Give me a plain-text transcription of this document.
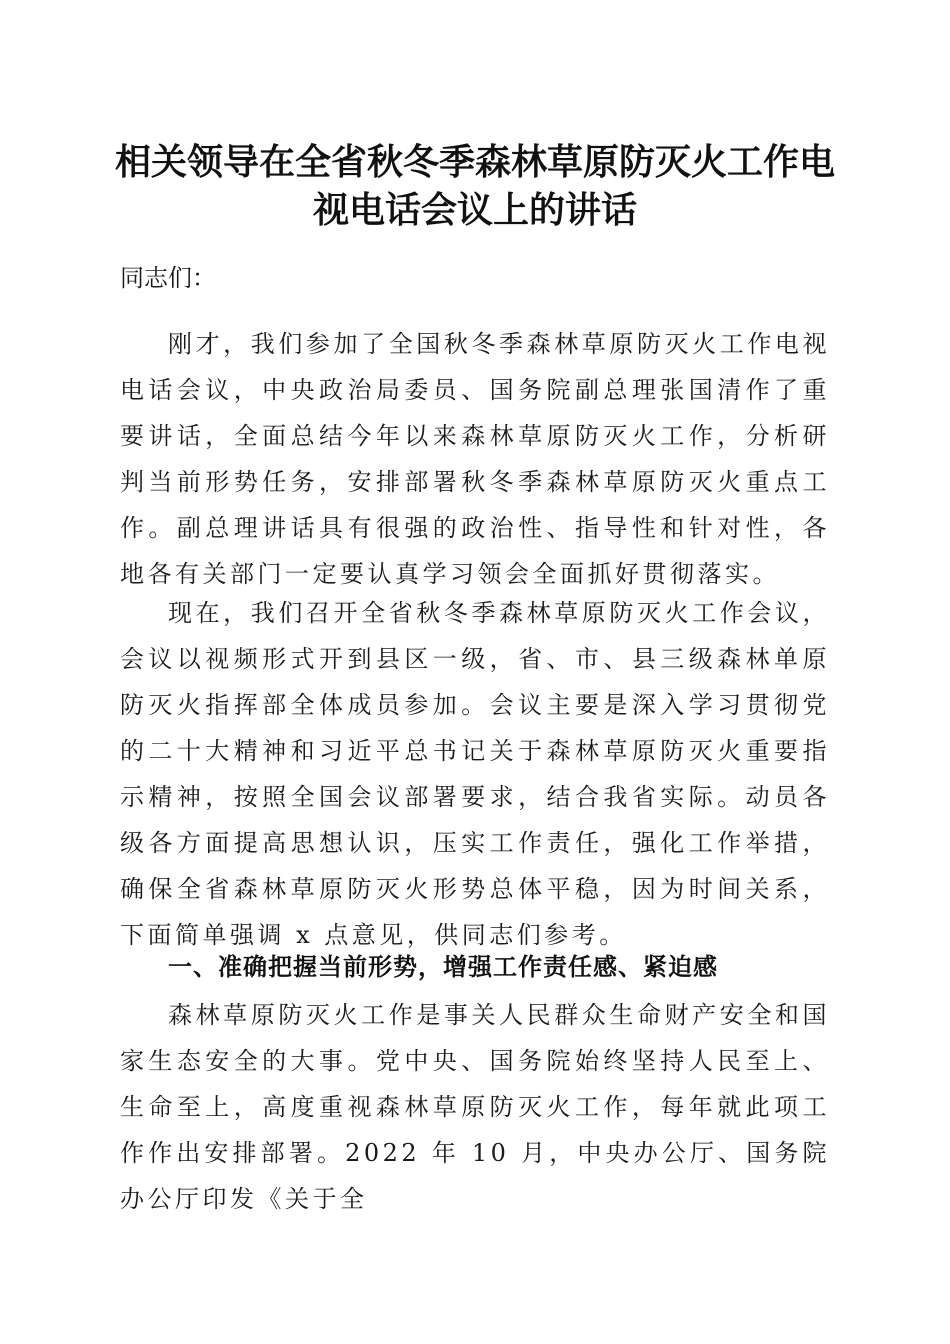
相关领导在全省秋冬季森林草原防灭火工作电
视电话会议上的讲话
同志们：

刚才，我们参加了全国秋冬季森林草原防灭火工作电视电话会议，中央政治局委员、国务院副总理张国清作了重要讲话，全面总结今年以来森林草原防灭火工作，分析研判当前形势任务，安排部署秋冬季森林草原防灭火重点工作。副总理讲话具有很强的政治性、指导性和针对性，各地各有关部门一定要认真学习领会全面抓好贯彻落实。

现在，我们召开全省秋冬季森林草原防灭火工作会议，会议以视频形式开到县区一级，省、市、县三级森林单原防灭火指挥部全体成员参加。会议主要是深入学习贯彻党的二十大精神和习近平总书记关于森林草原防灭火重要指示精神，按照全国会议部署要求，结合我省实际。动员各级各方面提高思想认识，压实工作责任，强化工作举措，确保全省森林草原防灭火形势总体平稳，因为时间关系，下面简单强调 x 点意见，供同志们参考。

一、准确把握当前形势，增强工作责任感、紧迫感

森林草原防灭火工作是事关人民群众生命财产安全和国家生态安全的大事。党中央、国务院始终坚持人民至上、生命至上，高度重视森林草原防灭火工作，每年就此项工作作出安排部署。2022 年 10 月，中央办公厅、国务院办公厅印发《关于全
